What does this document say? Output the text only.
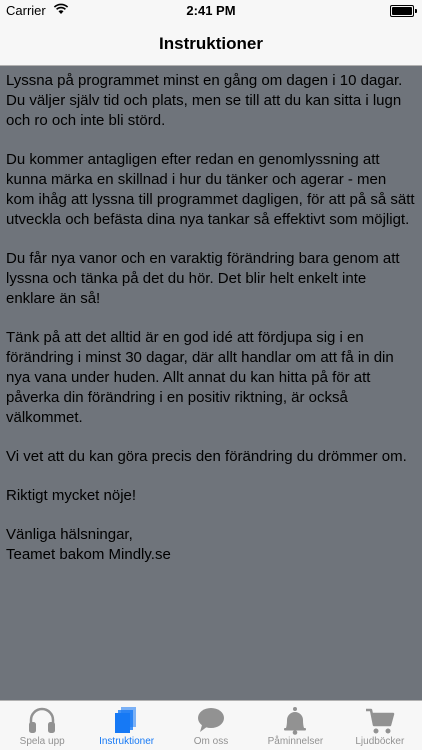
Carrier	2:41 PM
Instruktioner

Lyssna på programmet minst en gång om dagen i 10 dagar. Du väljer själv tid och plats, men se till att du kan sitta i lugn och ro och inte bli störd.

Du kommer antagligen efter redan en genomlyssning att kunna märka en skillnad i hur du tänker och agerar - men kom ihåg att lyssna till programmet dagligen, för att på så sätt utveckla och befästa dina nya tankar så effektivt som möjligt.

Du får nya vanor och en varaktig förändring bara genom att lyssna och tänka på det du hör. Det blir helt enkelt inte enklare än så!

Tänk på att det alltid är en god idé att fördjupa sig i en förändring i minst 30 dagar, där allt handlar om att få in din nya vana under huden. Allt annat du kan hitta på för att påverka din förändring i en positiv riktning, är också välkommet.

Vi vet att du kan göra precis den förändring du drömmer om.

Riktigt mycket nöje!

Vänliga hälsningar,
Teamet bakom Mindly.se

Spela upp	Instruktioner	Om oss	Påminnelser	Ljudböcker
